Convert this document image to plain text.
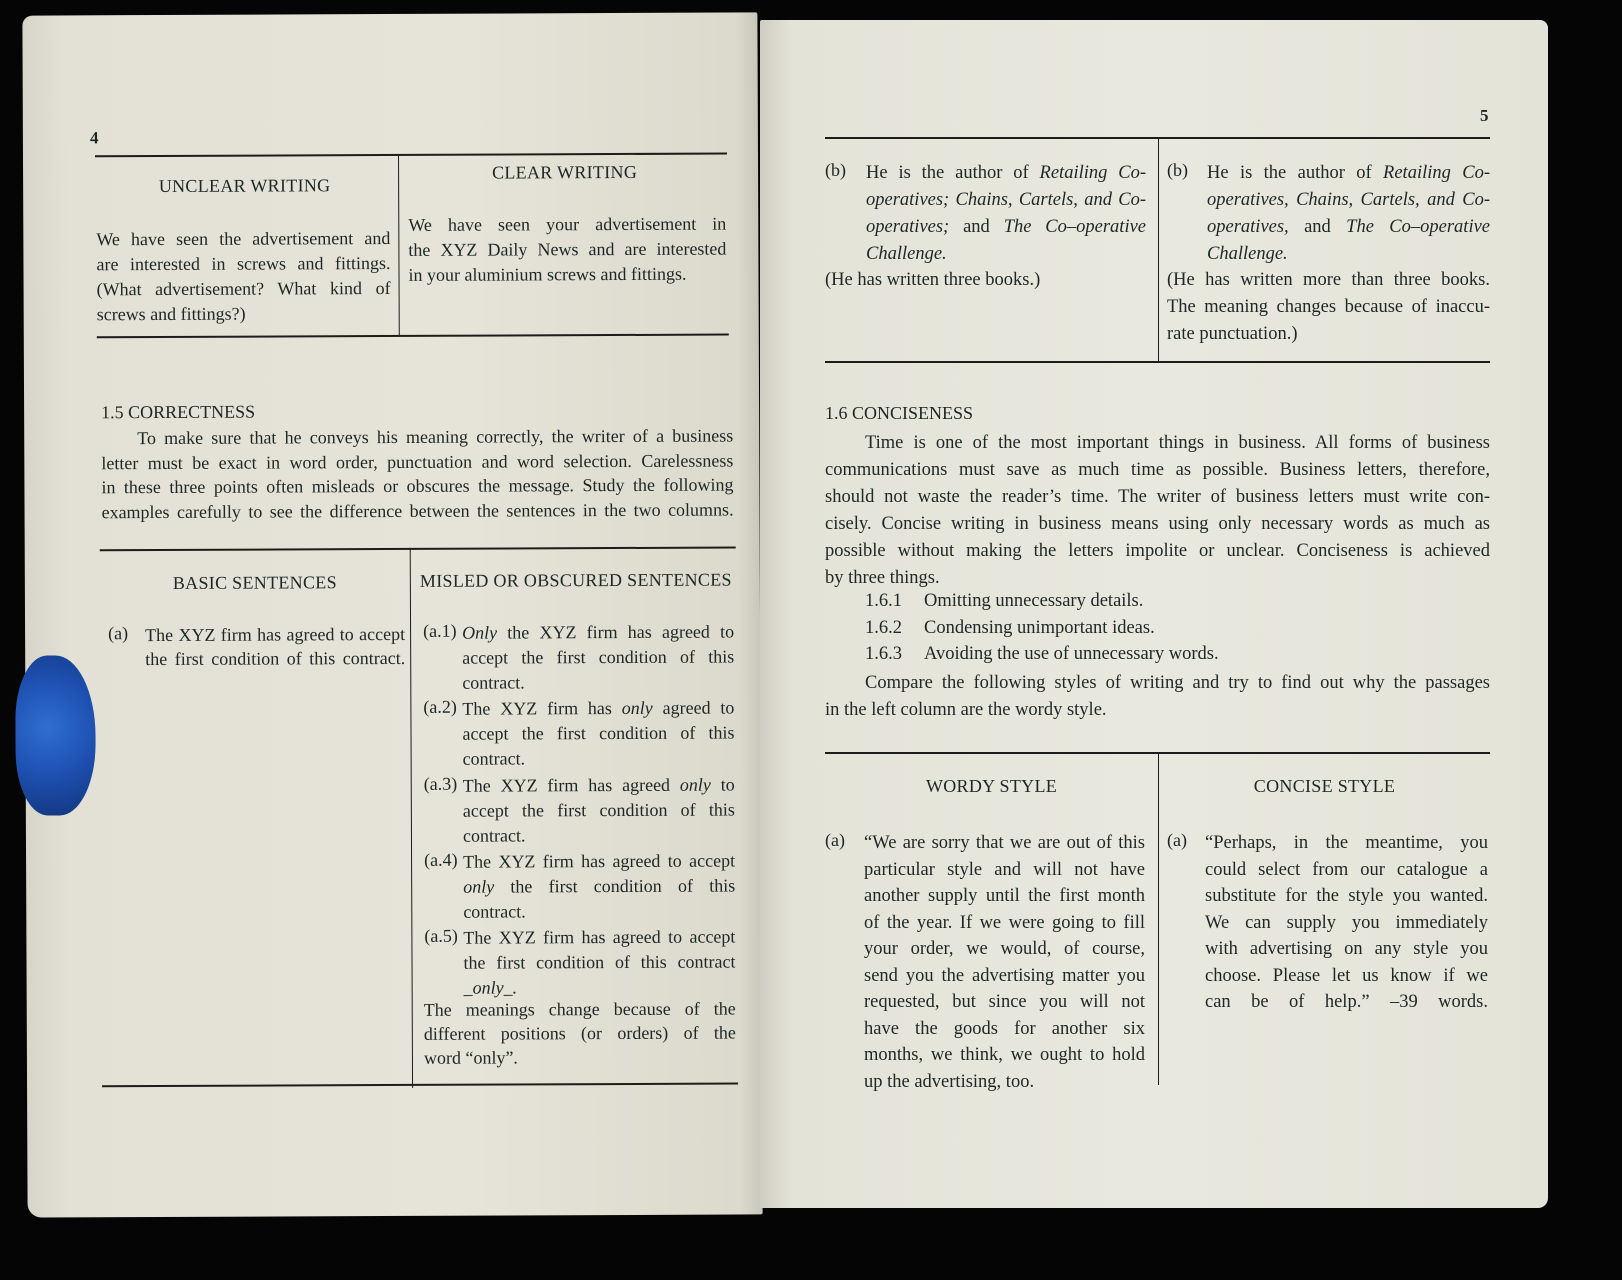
4
UNCLEAR WRITING
CLEAR WRITING
We have seen the advertisement and
are interested in screws and fittings.
(What advertisement? What kind of
screws and fittings?)
We have seen your advertisement in
the XYZ Daily News and are interested
in your aluminium screws and fittings.
1.5 CORRECTNESS
To make sure that he conveys his meaning correctly, the writer of a business
letter must be exact in word order, punctuation and word selection. Carelessness
in these three points often misleads or obscures the message. Study the following
examples carefully to see the difference between the sentences in the two columns.
BASIC SENTENCES	MISLED OR OBSCURED SENTENCES
(a) The XYZ firm has agreed to accept
the first condition of this contract.
(a.1) Only the XYZ firm has agreed to
accept the first condition of this
contract.
(a.2) The XYZ firm has only agreed to
accept the first condition of this
contract.
(a.3) The XYZ firm has agreed only to
accept the first condition of this
contract.
(a.4) The XYZ firm has agreed to accept
only the first condition of this
contract.
(a.5) The XYZ firm has agreed to accept
the first condition of this contract
_only_.
The meanings change because of the
different positions (or orders) of the
word “only”.
5
(b) He is the author of Retailing Co-
operatives; Chains, Cartels, and Co-
operatives; and The Co–operative
Challenge.
(He has written three books.)
(b) He is the author of Retailing Co-
operatives, Chains, Cartels, and Co-
operatives, and The Co–operative
Challenge.
(He has written more than three books.
The meaning changes because of inaccu-
rate punctuation.)
1.6 CONCISENESS
Time is one of the most important things in business. All forms of business
communications must save as much time as possible. Business letters, therefore,
should not waste the reader’s time. The writer of business letters must write con-
cisely. Concise writing in business means using only necessary words as much as
possible without making the letters impolite or unclear. Conciseness is achieved
by three things.
1.6.1 Omitting unnecessary details.
1.6.2 Condensing unimportant ideas.
1.6.3 Avoiding the use of unnecessary words.
Compare the following styles of writing and try to find out why the passages
in the left column are the wordy style.
WORDY STYLE	CONCISE STYLE
(a) “We are sorry that we are out of this
particular style and will not have
another supply until the first month
of the year. If we were going to fill
your order, we would, of course,
send you the advertising matter you
requested, but since you will not
have the goods for another six
months, we think, we ought to hold
up the advertising, too.
(a) “Perhaps, in the meantime, you
could select from our catalogue a
substitute for the style you wanted.
We can supply you immediately
with advertising on any style you
choose. Please let us know if we
can be of help.” –39 words.
